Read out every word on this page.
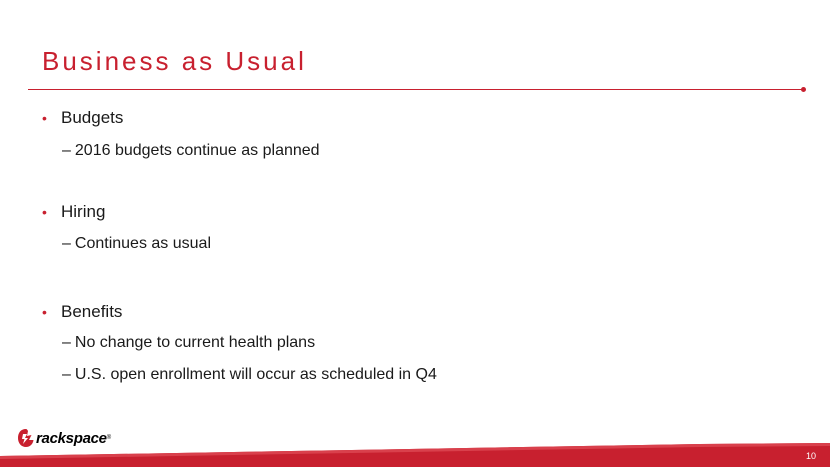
Business as Usual
• Budgets
– 2016 budgets continue as planned
• Hiring
– Continues as usual
• Benefits
– No change to current health plans
– U.S. open enrollment will occur as scheduled in Q4
10
rackspace ®
